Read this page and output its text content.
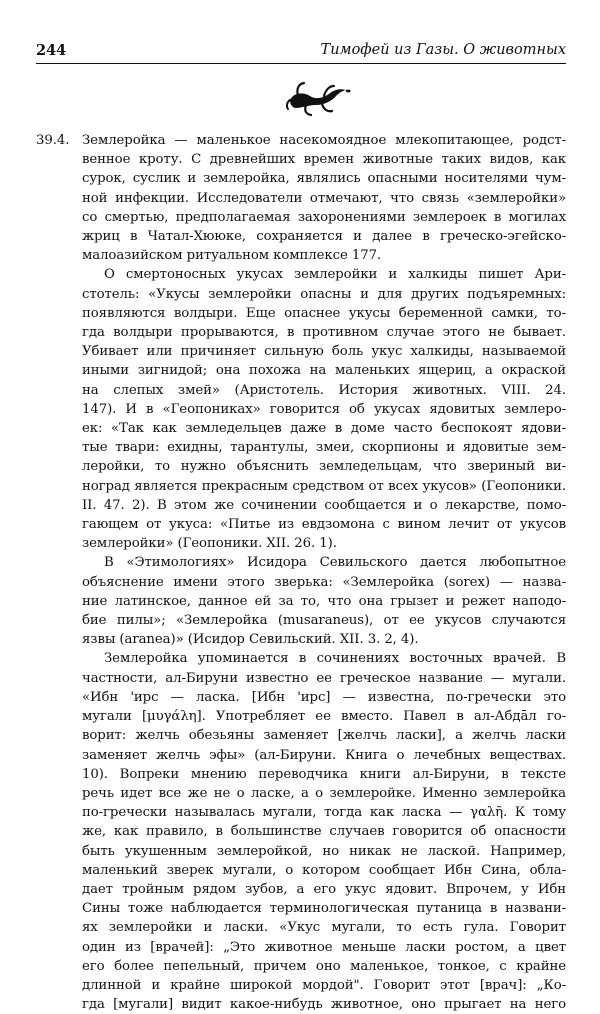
244	Тимофей из Газы. О животных
39.4. Землеройка — маленькое насекомоядное млекопитающее, родст-
венное кроту. С древнейших времен животные таких видов, как
сурок, суслик и землеройка, являлись опасными носителями чум-
ной инфекции. Исследователи отмечают, что связь «землеройки»
со смертью, предполагаемая захоронениями землероек в могилах
жриц в Чатал-Хююке, сохраняется и далее в греческо-эгейско-
малоазийском ритуальном комплексе 177.
О смертоносных укусах землеройки и халкиды пишет Ари-
стотель: «Укусы землеройки опасны и для других подъяремных:
появляются волдыри. Еще опаснее укусы беременной самки, то-
гда волдыри прорываются, в противном случае этого не бывает.
Убивает или причиняет сильную боль укус халкиды, называемой
иными зигнидой; она похожа на маленьких ящериц, а окраской
на слепых змей» (Аристотель. История животных. VIII. 24.
147). И в «Геопониках» говорится об укусах ядовитых землеро-
ек: «Так как земледельцев даже в доме часто беспокоят ядови-
тые твари: ехидны, тарантулы, змеи, скорпионы и ядовитые зем-
леройки, то нужно объяснить земледельцам, что звериный ви-
ноград является прекрасным средством от всех укусов» (Геопоники.
II. 47. 2). В этом же сочинении сообщается и о лекарстве, помо-
гающем от укуса: «Питье из евдзомона с вином лечит от укусов
землеройки» (Геопоники. XII. 26. 1).
В «Этимологиях» Исидора Севильского дается любопытное
объяснение имени этого зверька: «Землеройка (sorex) — назва-
ние латинское, данное ей за то, что она грызет и режет наподо-
бие пилы»; «Землеройка (musaraneus), от ее укусов случаются
язвы (aranea)» (Исидор Севильский. XII. 3. 2, 4).
Землеройка упоминается в сочинениях восточных врачей. В
частности, ал-Бируни известно ее греческое название — мугали.
«Ибн 'ирс — ласка. [Ибн 'ирс] — известна, по-гречески это
мугали [μυγάλη]. Употребляет ее вместо. Павел в ал-Абдāл го-
ворит: желчь обезьяны заменяет [желчь ласки], а желчь ласки
заменяет желчь эфы» (ал-Бируни. Книга о лечебных веществах.
10). Вопреки мнению переводчика книги ал-Бируни, в тексте
речь идет все же не о ласке, а о землеройке. Именно землеройка
по-гречески называлась мугали, тогда как ласка — γαλῆ. К тому
же, как правило, в большинстве случаев говорится об опасности
быть укушенным землеройкой, но никак не лаской. Например,
маленький зверек мугали, о котором сообщает Ибн Сина, обла-
дает тройным рядом зубов, а его укус ядовит. Впрочем, у Ибн
Сины тоже наблюдается терминологическая путаница в названи-
ях землеройки и ласки. «Укус мугали, то есть гула. Говорит
один из [врачей]: „Это животное меньше ласки ростом, а цвет
его более пепельный, причем оно маленькое, тонкое, с крайне
длинной и крайне широкой мордой". Говорит этот [врач]: „Ко-
гда [мугали] видит какое-нибудь животное, оно прыгает на него
